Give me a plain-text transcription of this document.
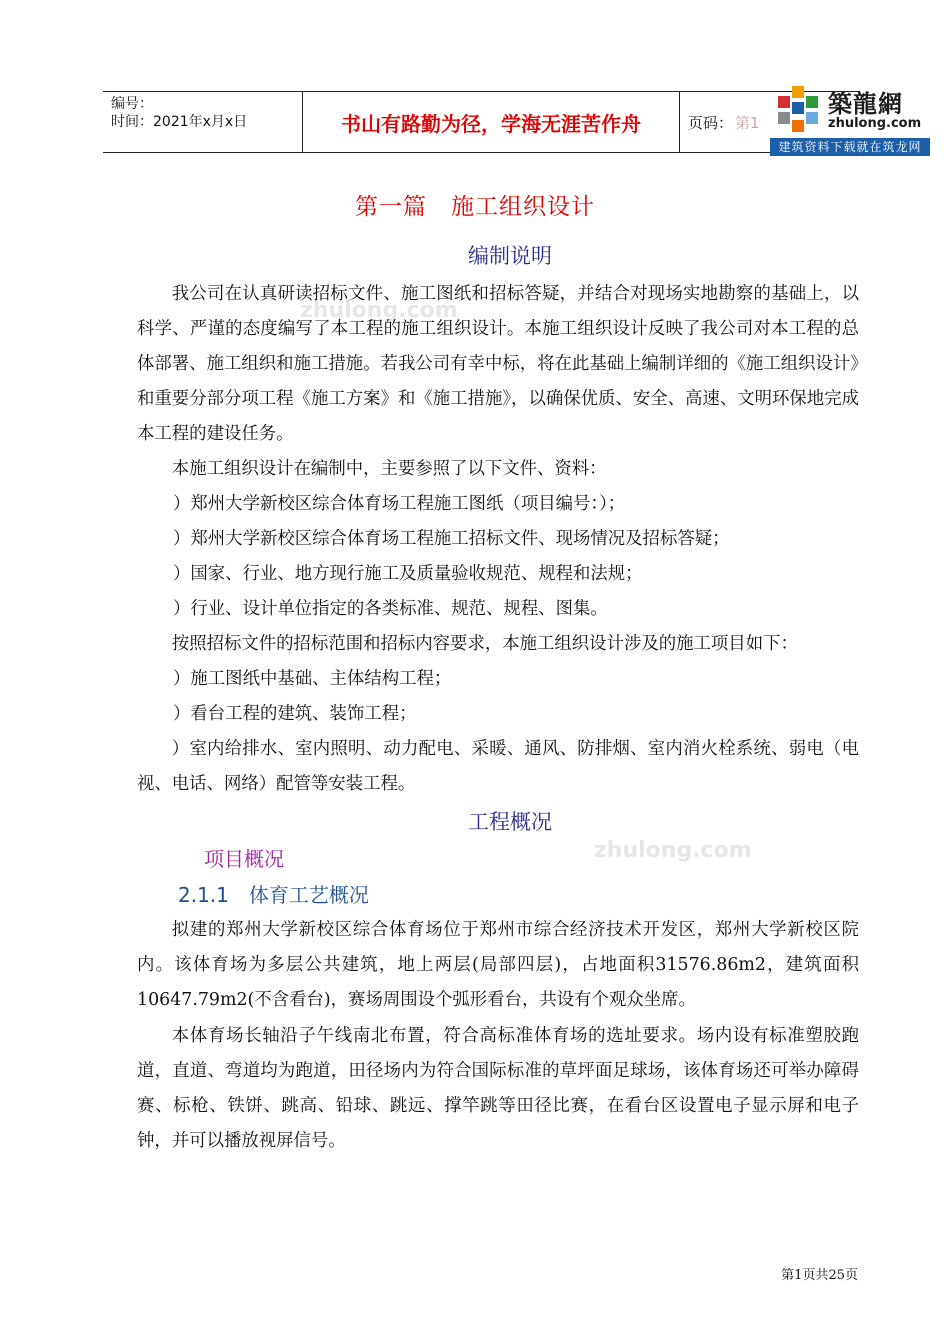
编号：
时间：2021年x月x日	书山有路勤为径，学海无涯苦作舟	页码： 第1
築龍網
zhulong.com
建筑资料下载就在筑龙网
zhulong.com
zhulong.com
第一篇　施工组织设计
编制说明

我公司在认真研读招标文件、施工图纸和招标答疑，并结合对现场实地勘察的基础上，以科学、严谨的态度编写了本工程的施工组织设计。本施工组织设计反映了我公司对本工程的总体部署、施工组织和施工措施。若我公司有幸中标，将在此基础上编制详细的《施工组织设计》和重要分部分项工程《施工方案》和《施工措施》，以确保优质、安全、高速、文明环保地完成本工程的建设任务。

本施工组织设计在编制中，主要参照了以下文件、资料：

）郑州大学新校区综合体育场工程施工图纸（项目编号：）；

）郑州大学新校区综合体育场工程施工招标文件、现场情况及招标答疑；

）国家、行业、地方现行施工及质量验收规范、规程和法规；

）行业、设计单位指定的各类标准、规范、规程、图集。

按照招标文件的招标范围和招标内容要求，本施工组织设计涉及的施工项目如下：

）施工图纸中基础、主体结构工程；

）看台工程的建筑、装饰工程；

）室内给排水、室内照明、动力配电、采暖、通风、防排烟、室内消火栓系统、弱电（电视、电话、网络）配管等安装工程。

工程概况
项目概况
2.1.1　体育工艺概况

拟建的郑州大学新校区综合体育场位于郑州市综合经济技术开发区，郑州大学新校区院内。该体育场为多层公共建筑，地上两层(局部四层)，占地面积31576.86m2，建筑面积10647.79m2(不含看台)，赛场周围设个弧形看台，共设有个观众坐席。

本体育场长轴沿子午线南北布置，符合高标准体育场的选址要求。场内设有标准塑胶跑道，直道、弯道均为跑道，田径场内为符合国际标准的草坪面足球场，该体育场还可举办障碍赛、标枪、铁饼、跳高、铅球、跳远、撑竿跳等田径比赛，在看台区设置电子显示屏和电子钟，并可以播放视屏信号。

第1页共25页
